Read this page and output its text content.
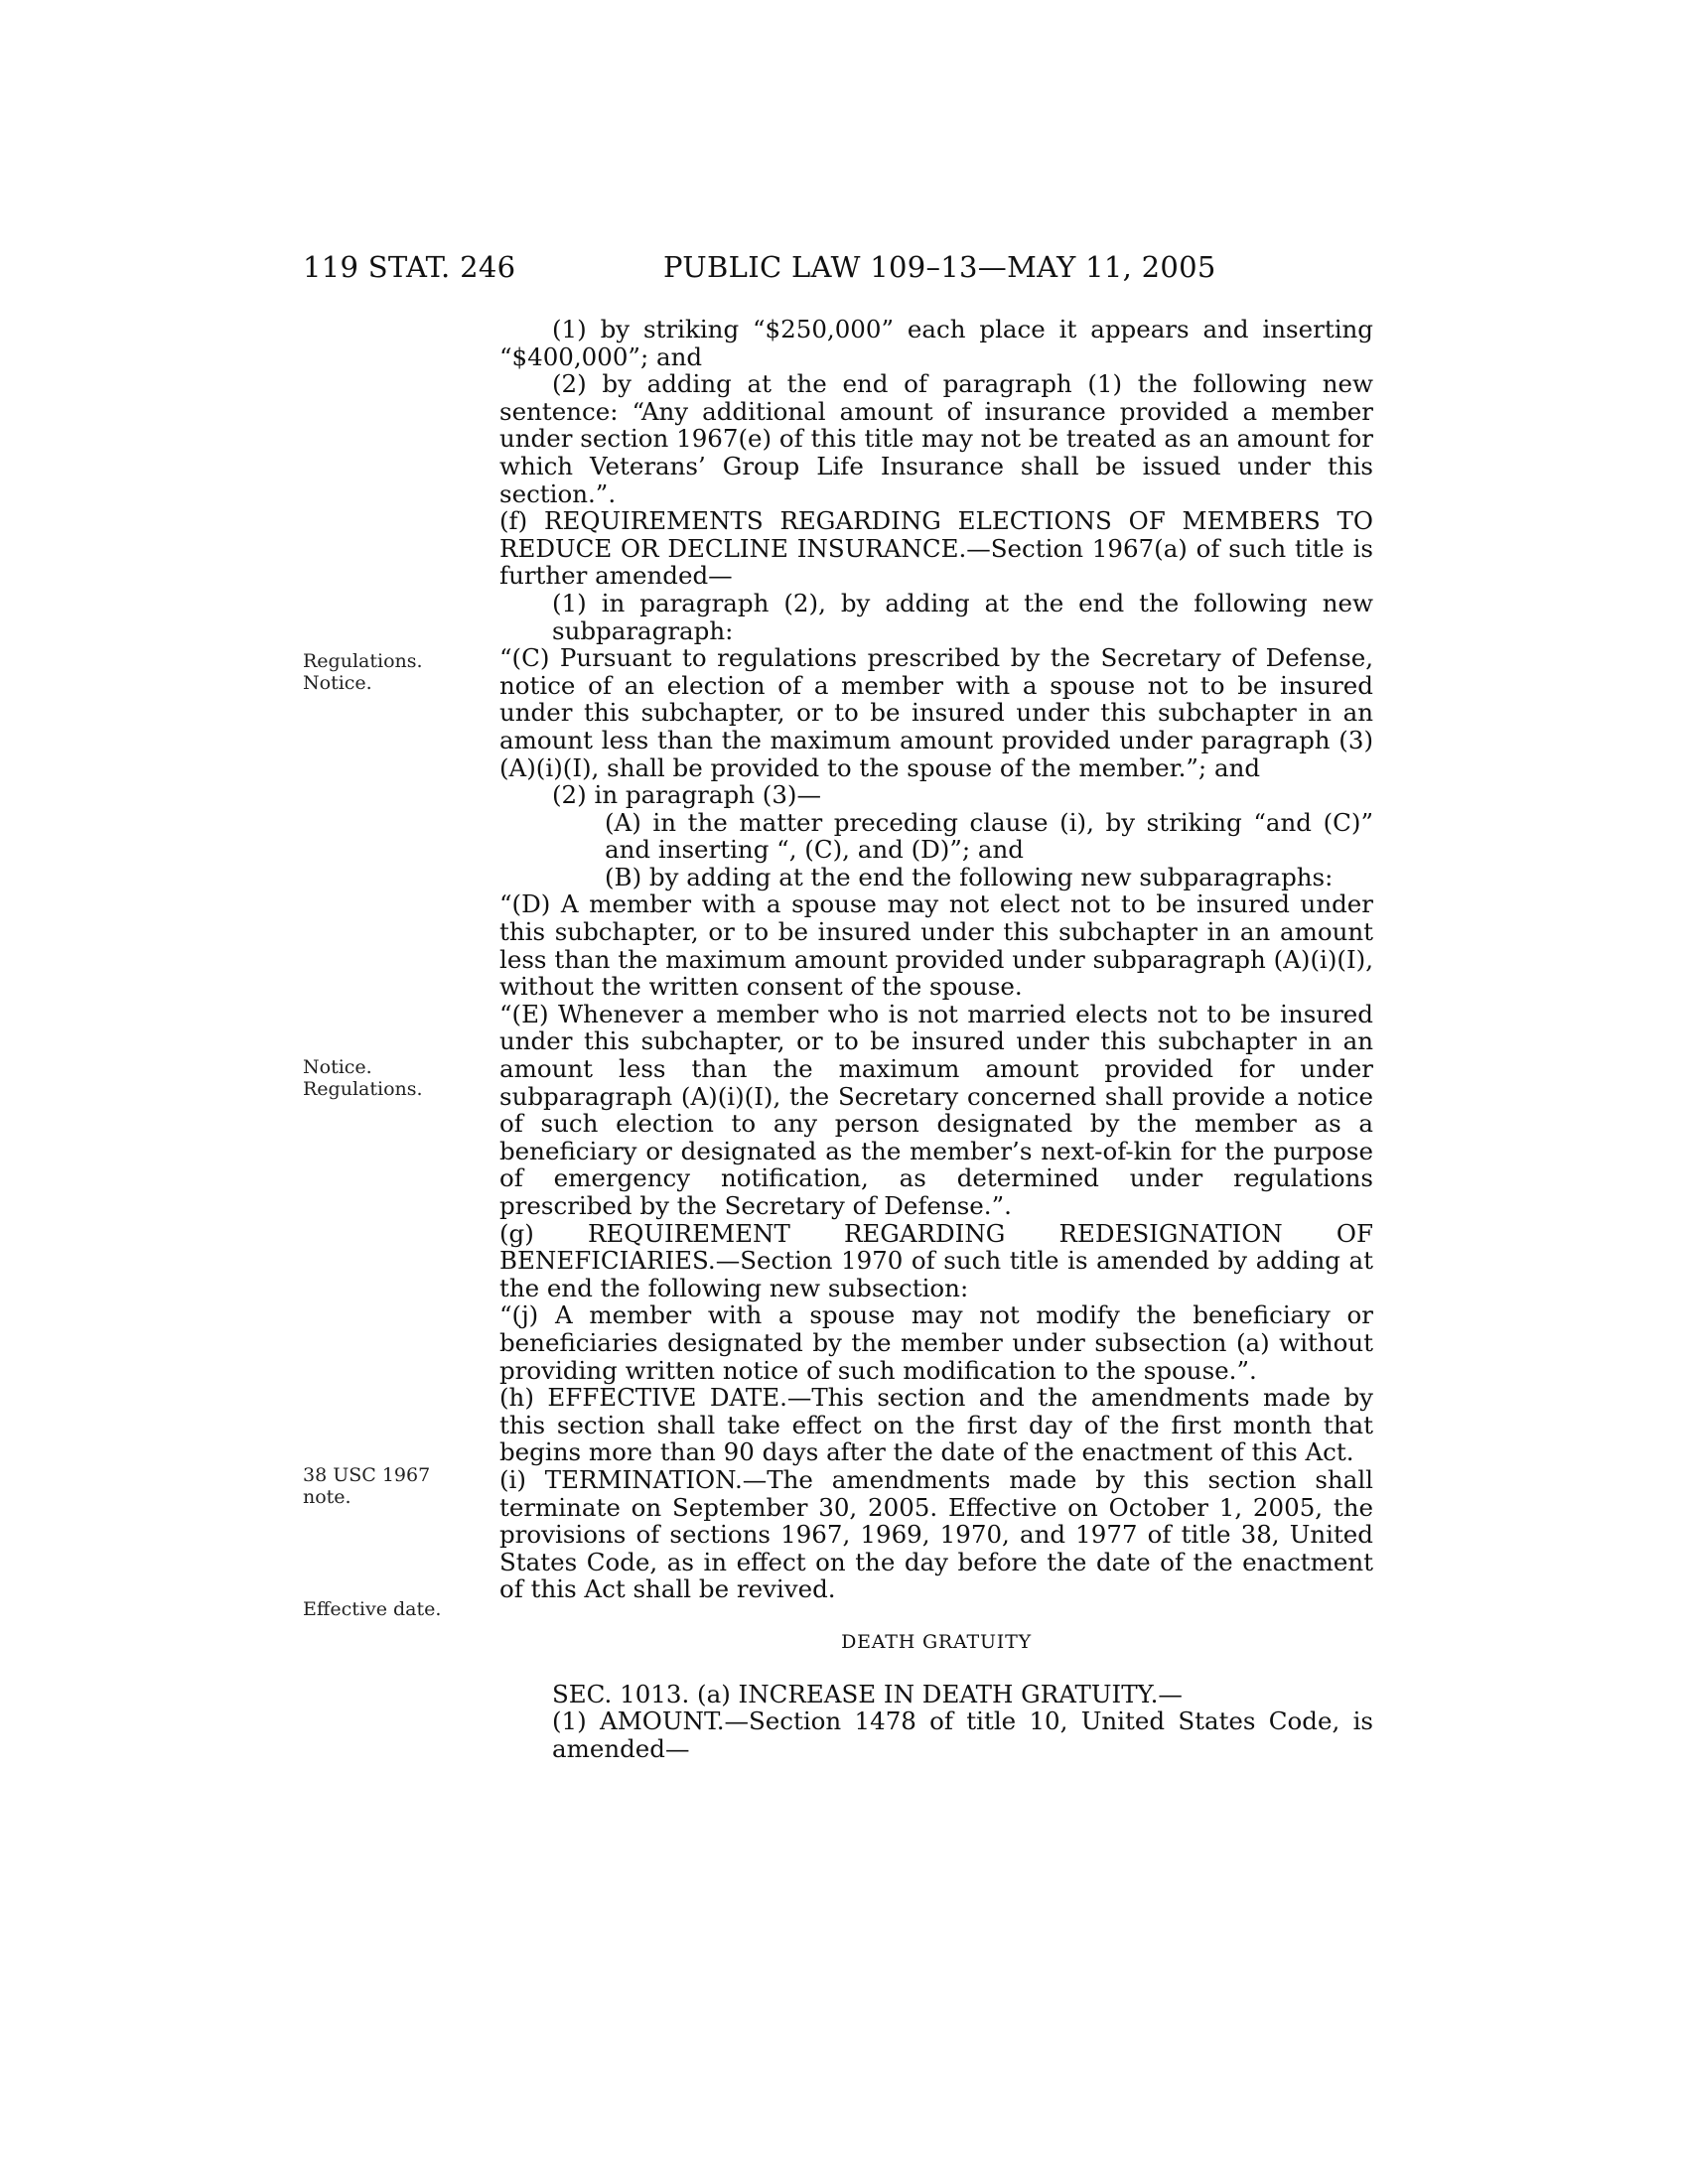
119 STAT. 246	PUBLIC LAW 109–13—MAY 11, 2005
Regulations.
Notice.
Notice.
Regulations.
38 USC 1967
note.
Effective date.

(1) by striking “$250,000” each place it appears and inserting “$400,000”; and

(2) by adding at the end of paragraph (1) the following new sentence: “Any additional amount of insurance provided a member under section 1967(e) of this title may not be treated as an amount for which Veterans’ Group Life Insurance shall be issued under this section.”.

(f) REQUIREMENTS REGARDING ELECTIONS OF MEMBERS TO REDUCE OR DECLINE INSURANCE.—Section 1967(a) of such title is further amended—

(1) in paragraph (2), by adding at the end the following new subparagraph:

“(C) Pursuant to regulations prescribed by the Secretary of Defense, notice of an election of a member with a spouse not to be insured under this subchapter, or to be insured under this subchapter in an amount less than the maximum amount provided under paragraph (3)(A)(i)(I), shall be provided to the spouse of the member.”; and

(2) in paragraph (3)—

(A) in the matter preceding clause (i), by striking “and (C)” and inserting “, (C), and (D)”; and

(B) by adding at the end the following new subparagraphs:

“(D) A member with a spouse may not elect not to be insured under this subchapter, or to be insured under this subchapter in an amount less than the maximum amount provided under subparagraph (A)(i)(I), without the written consent of the spouse.

“(E) Whenever a member who is not married elects not to be insured under this subchapter, or to be insured under this subchapter in an amount less than the maximum amount provided for under subparagraph (A)(i)(I), the Secretary concerned shall provide a notice of such election to any person designated by the member as a beneficiary or designated as the member’s next-of-kin for the purpose of emergency notification, as determined under regulations prescribed by the Secretary of Defense.”.

(g) REQUIREMENT REGARDING REDESIGNATION OF BENEFICIARIES.—Section 1970 of such title is amended by adding at the end the following new subsection:

“(j) A member with a spouse may not modify the beneficiary or beneficiaries designated by the member under subsection (a) without providing written notice of such modification to the spouse.”.

(h) EFFECTIVE DATE.—This section and the amendments made by this section shall take effect on the first day of the first month that begins more than 90 days after the date of the enactment of this Act.

(i) TERMINATION.—The amendments made by this section shall terminate on September 30, 2005. Effective on October 1, 2005, the provisions of sections 1967, 1969, 1970, and 1977 of title 38, United States Code, as in effect on the day before the date of the enactment of this Act shall be revived.

DEATH GRATUITY

SEC. 1013. (a) INCREASE IN DEATH GRATUITY.—

(1) AMOUNT.—Section 1478 of title 10, United States Code, is amended—
